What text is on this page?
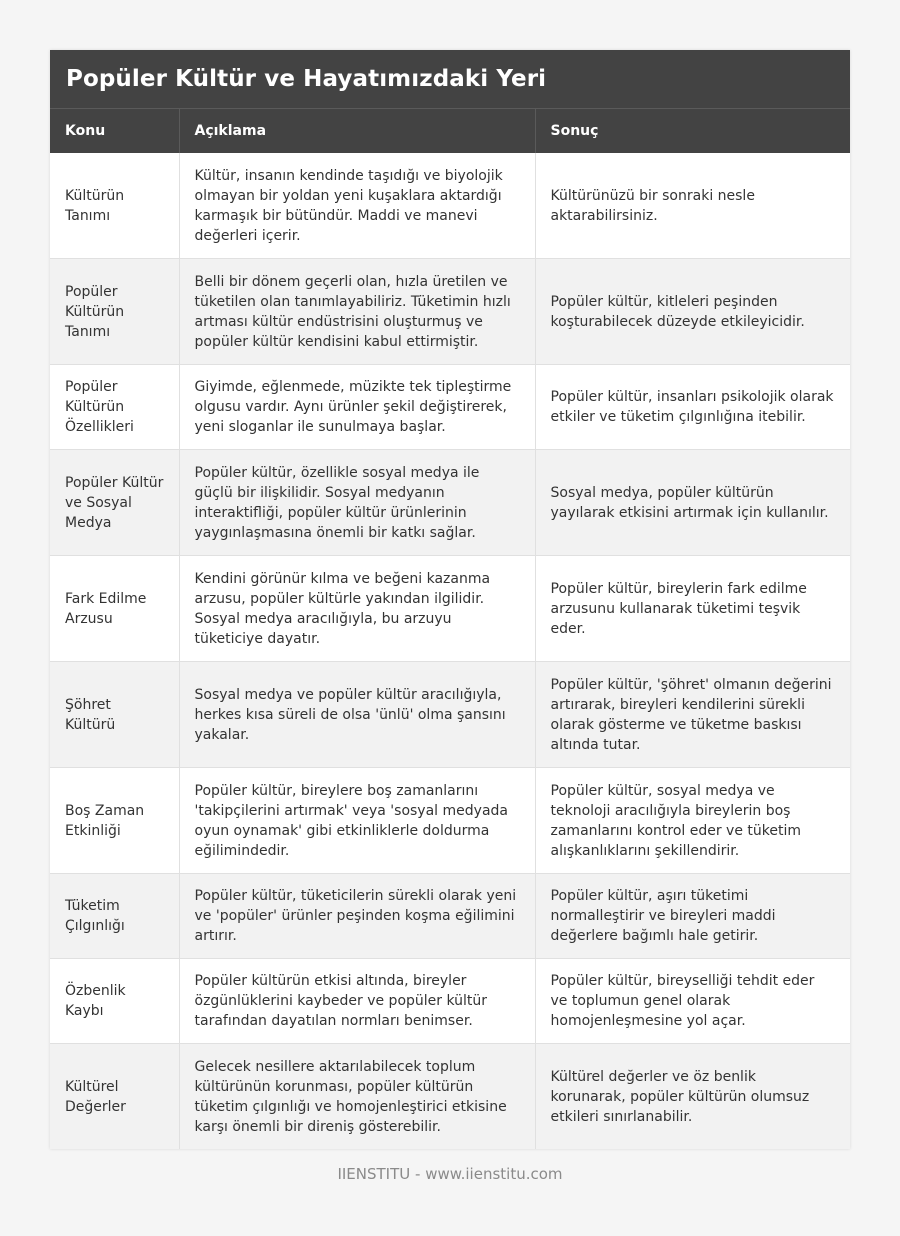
Popüler Kültür ve Hayatımızdaki Yeri
Konu	Açıklama	Sonuç
Kültürün Tanımı	Kültür, insanın kendinde taşıdığı ve biyolojik olmayan bir yoldan yeni kuşaklara aktardığı karmaşık bir bütündür. Maddi ve manevi değerleri içerir.	Kültürünüzü bir sonraki nesle aktarabilirsiniz.
Popüler Kültürün Tanımı	Belli bir dönem geçerli olan, hızla üretilen ve tüketilen olan tanımlayabiliriz. Tüketimin hızlı artması kültür endüstrisini oluşturmuş ve popüler kültür kendisini kabul ettirmiştir.	Popüler kültür, kitleleri peşinden koşturabilecek düzeyde etkileyicidir.
Popüler Kültürün Özellikleri	Giyimde, eğlenmede, müzikte tek tipleştirme olgusu vardır. Aynı ürünler şekil değiştirerek, yeni sloganlar ile sunulmaya başlar.	Popüler kültür, insanları psikolojik olarak etkiler ve tüketim çılgınlığına itebilir.
Popüler Kültür ve Sosyal Medya	Popüler kültür, özellikle sosyal medya ile güçlü bir ilişkilidir. Sosyal medyanın interaktifliği, popüler kültür ürünlerinin yaygınlaşmasına önemli bir katkı sağlar.	Sosyal medya, popüler kültürün yayılarak etkisini artırmak için kullanılır.
Fark Edilme Arzusu	Kendini görünür kılma ve beğeni kazanma arzusu, popüler kültürle yakından ilgilidir. Sosyal medya aracılığıyla, bu arzuyu tüketiciye dayatır.	Popüler kültür, bireylerin fark edilme arzusunu kullanarak tüketimi teşvik eder.
Şöhret Kültürü	Sosyal medya ve popüler kültür aracılığıyla, herkes kısa süreli de olsa 'ünlü' olma şansını yakalar.	Popüler kültür, 'şöhret' olmanın değerini artırarak, bireyleri kendilerini sürekli olarak gösterme ve tüketme baskısı altında tutar.
Boş Zaman Etkinliği	Popüler kültür, bireylere boş zamanlarını 'takipçilerini artırmak' veya 'sosyal medyada oyun oynamak' gibi etkinliklerle doldurma eğilimindedir.	Popüler kültür, sosyal medya ve teknoloji aracılığıyla bireylerin boş zamanlarını kontrol eder ve tüketim alışkanlıklarını şekillendirir.
Tüketim Çılgınlığı	Popüler kültür, tüketicilerin sürekli olarak yeni ve 'popüler' ürünler peşinden koşma eğilimini artırır.	Popüler kültür, aşırı tüketimi normalleştirir ve bireyleri maddi değerlere bağımlı hale getirir.
Özbenlik Kaybı	Popüler kültürün etkisi altında, bireyler özgünlüklerini kaybeder ve popüler kültür tarafından dayatılan normları benimser.	Popüler kültür, bireyselliği tehdit eder ve toplumun genel olarak homojenleşmesine yol açar.
Kültürel Değerler	Gelecek nesillere aktarılabilecek toplum kültürünün korunması, popüler kültürün tüketim çılgınlığı ve homojenleştirici etkisine karşı önemli bir direniş gösterebilir.	Kültürel değerler ve öz benlik korunarak, popüler kültürün olumsuz etkileri sınırlanabilir.
IIENSTITU - www.iienstitu.com
